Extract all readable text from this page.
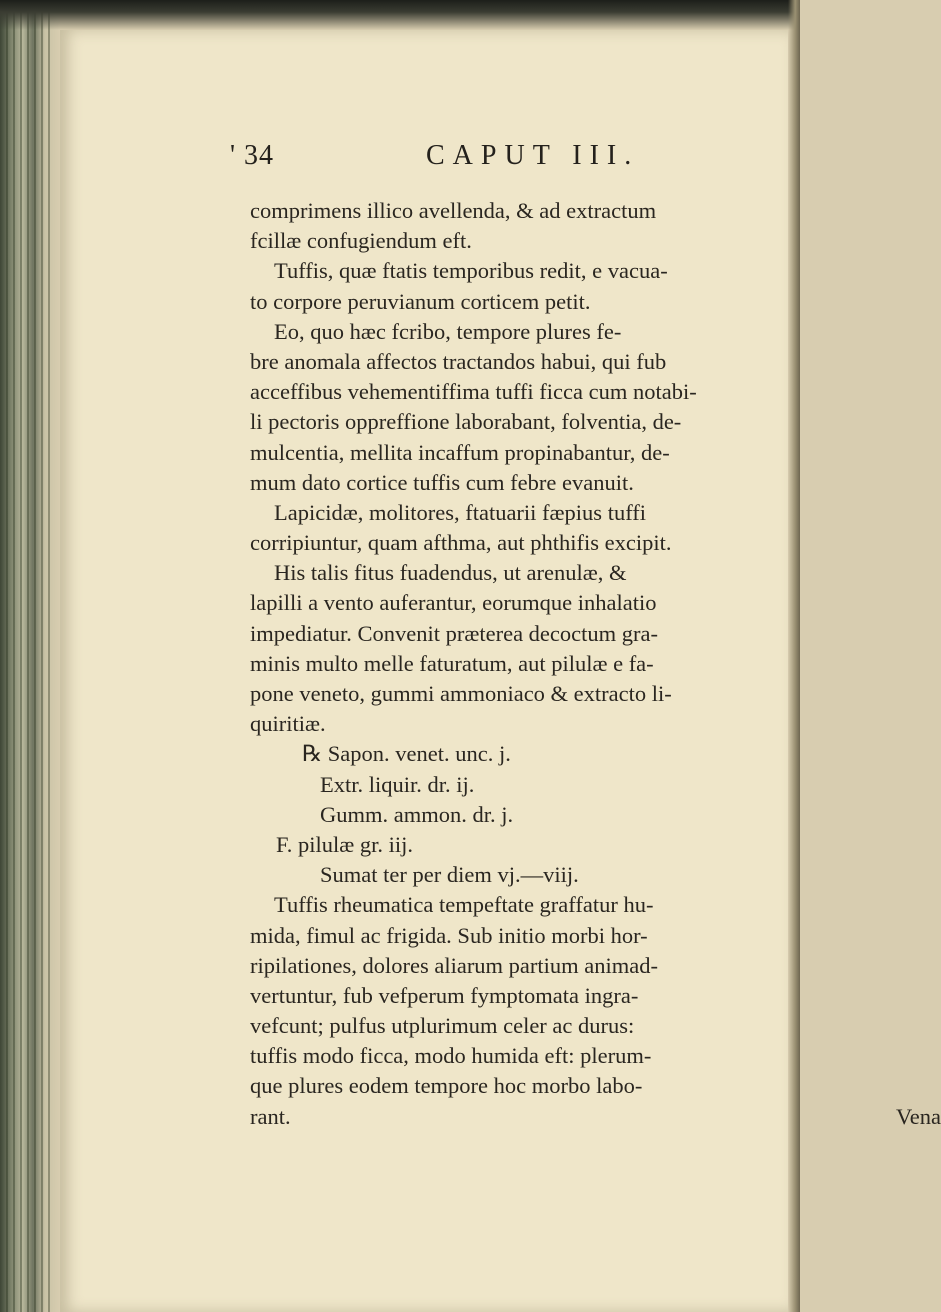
' 34	CAPUT III.
comprimens illico avellenda, & ad extractum
fcillæ confugiendum eft.
Tuffis, quæ ftatis temporibus redit, e vacua-
to corpore peruvianum corticem petit.
Eo, quo hæc fcribo, tempore plures fe-
bre anomala affectos tractandos habui, qui fub
acceffibus vehementiffima tuffi ficca cum notabi-
li pectoris oppreffione laborabant, folventia, de-
mulcentia, mellita incaffum propinabantur, de-
mum dato cortice tuffis cum febre evanuit.
Lapicidæ, molitores, ftatuarii fæpius tuffi
corripiuntur, quam afthma, aut phthifis excipit.
His talis fitus fuadendus, ut arenulæ, &
lapilli a vento auferantur, eorumque inhalatio
impediatur. Convenit præterea decoctum gra-
minis multo melle faturatum, aut pilulæ e fa-
pone veneto, gummi ammoniaco & extracto li-
quiritiæ.
℞ Sapon. venet. unc. j.
Extr. liquir. dr. ij.
Gumm. ammon. dr. j.
F. pilulæ gr. iij.
Sumat ter per diem vj.—viij.
Tuffis rheumatica tempeftate graffatur hu-
mida, fimul ac frigida. Sub initio morbi hor-
ripilationes, dolores aliarum partium animad-
vertuntur, fub vefperum fymptomata ingra-
vefcunt; pulfus utplurimum celer ac durus:
tuffis modo ficca, modo humida eft: plerum-
que plures eodem tempore hoc morbo labo-
rant.	Vena
